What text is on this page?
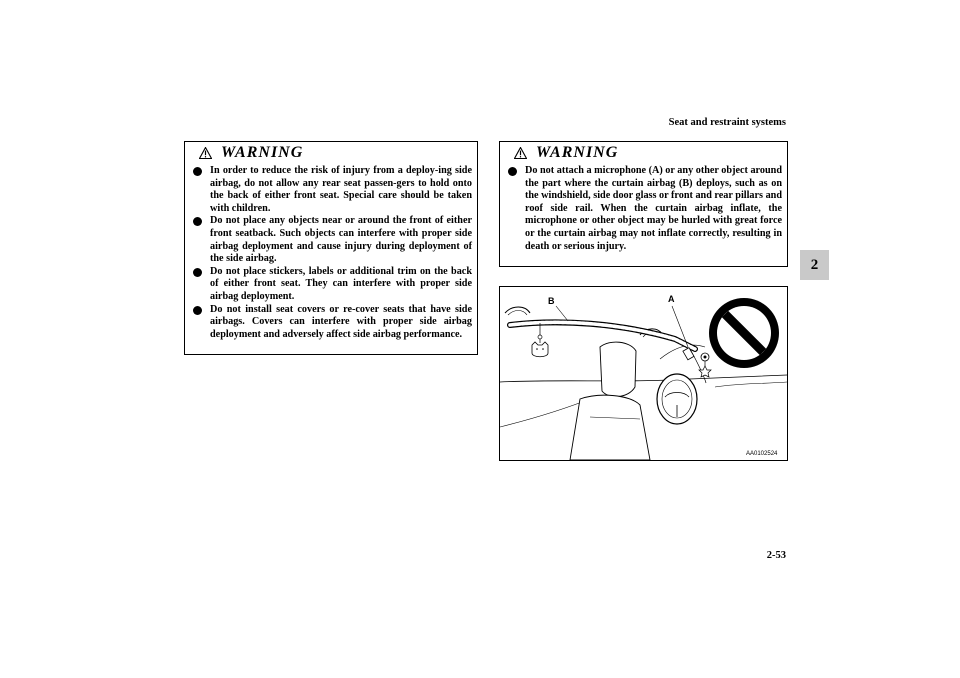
Seat and restraint systems
2
WARNING
In order to reduce the risk of injury from a deploy-ing side airbag, do not allow any rear seat passen-gers to hold onto the back of either front seat. Special care should be taken with children.
Do not place any objects near or around the front of either front seatback. Such objects can interfere with proper side airbag deployment and cause injury during deployment of the side airbag.
Do not place stickers, labels or additional trim on the back of either front seat. They can interfere with proper side airbag deployment.
Do not install seat covers or re-cover seats that have side airbags. Covers can interfere with proper side airbag deployment and adversely affect side airbag performance.
WARNING
Do not attach a microphone (A) or any other object around the part where the curtain airbag (B) deploys, such as on the windshield, side door glass or front and rear pillars and roof side rail. When the curtain airbag inflate, the microphone or other object may be hurled with great force or the curtain airbag may not inflate correctly, resulting in death or serious injury.
B	A
AA0102524
2-53
